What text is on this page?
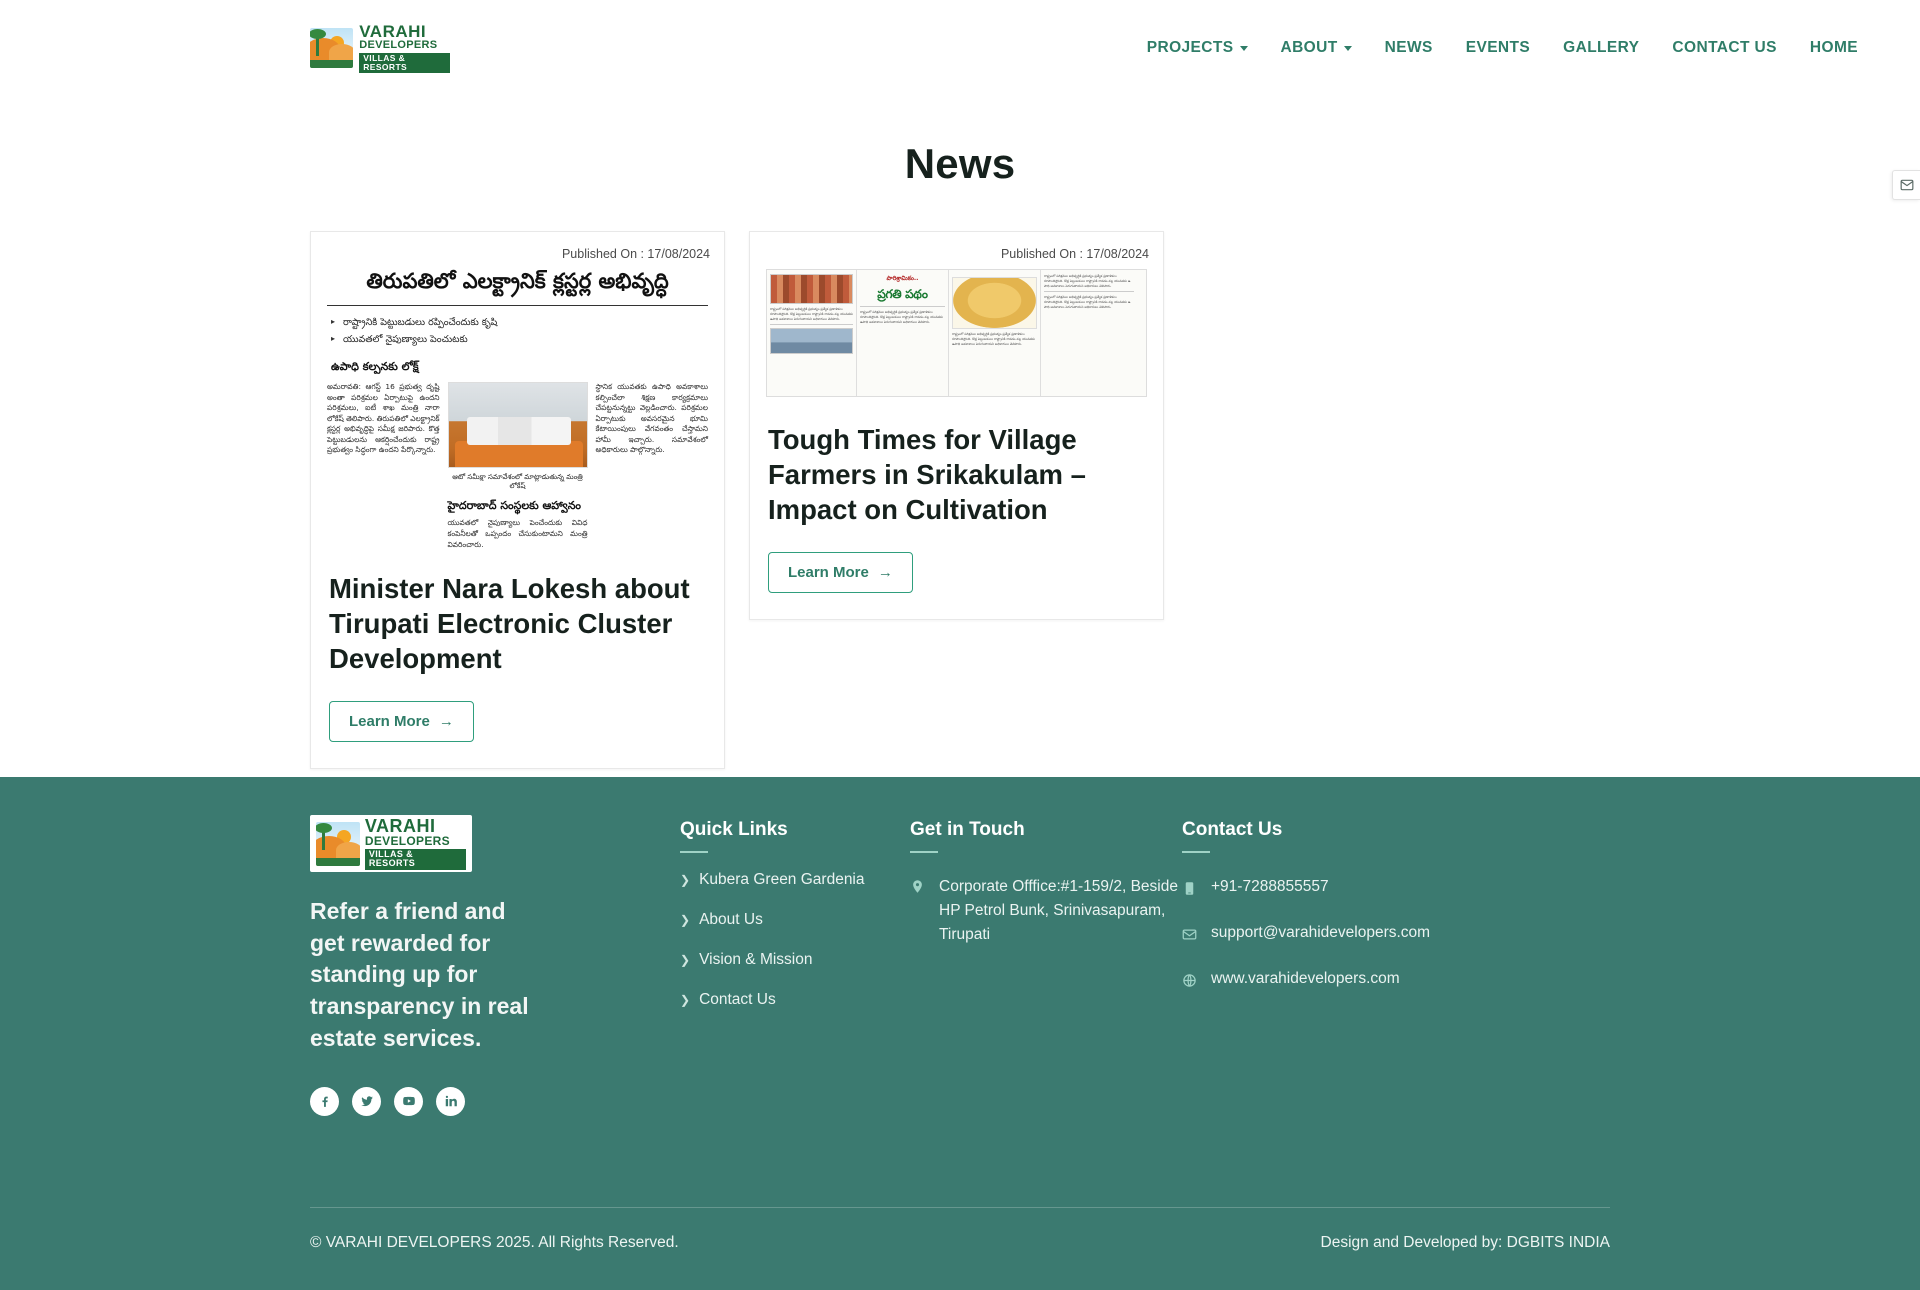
VARAHI
DEVELOPERS
VILLAS & RESORTS
PROJECTS	ABOUT	NEWS EVENTS GALLERY CONTACT US HOME
News
Published On : 17/08/2024
తిరుపతిలో ఎలక్ట్రానిక్ క్లస్టర్ల అభివృద్ధి
▸ రాష్ట్రానికి పెట్టుబడులు రప్పించేందుకు కృషి
▸ యువతలో నైపుణ్యాలు పెంచుటకు
ఉపాధి కల్పనకు లోక్ష్
అమరావతి: ఆగస్ట్ 16 ప్రభుత్వ దృష్టి అంతా పరిశ్రమల ఏర్పాటుపై ఉందని పరిశ్రమలు, ఐటీ శాఖ మంత్రి నారా లోకేష్ తెలిపారు. తిరుపతిలో ఎలక్ట్రానిక్ క్లస్టర్ల అభివృద్ధిపై సమీక్ష జరిపారు. కొత్త పెట్టుబడులను ఆకర్షించేందుకు రాష్ట్ర ప్రభుత్వం సిద్ధంగా ఉందని పేర్కొన్నారు.
ఆటో సమీక్షా సమావేశంలో మాట్లాడుతున్న మంత్రి లోకేష్
హైదరాబాద్ సంస్థలకు ఆహ్వానం
యువతలో నైపుణ్యాలు పెంచేందుకు వివిధ కంపెనీలతో ఒప్పందం చేసుకుంటామని మంత్రి వివరించారు.
స్థానిక యువతకు ఉపాధి అవకాశాలు కల్పించేలా శిక్షణ కార్యక్రమాలు చేపట్టనున్నట్టు వెల్లడించారు. పరిశ్రమల ఏర్పాటుకు అవసరమైన భూమి కేటాయింపులు వేగవంతం చేస్తామని హామీ ఇచ్చారు. సమావేశంలో అధికారులు పాల్గొన్నారు.
Minister Nara Lokesh about Tirupati Electronic Cluster Development
Learn More →
Published On : 17/08/2024
రాష్ట్రంలో పరిశ్రమల అభివృద్ధికి ప్రభుత్వం ప్రత్యేక ప్రణాళికలు రూపొందిస్తోంది. కొత్త పెట్టుబడులు రాష్ట్రానికి రావడం వల్ల యువతకు ఉపాధి అవకాశాలు పెరుగుతాయని అధికారులు తెలిపారు.
పారిశ్రామికం..
ప్రగతి పథం
రాష్ట్రంలో పరిశ్రమల అభివృద్ధికి ప్రభుత్వం ప్రత్యేక ప్రణాళికలు రూపొందిస్తోంది. కొత్త పెట్టుబడులు రాష్ట్రానికి రావడం వల్ల యువతకు ఉపాధి అవకాశాలు పెరుగుతాయని అధికారులు తెలిపారు.
రాష్ట్రంలో పరిశ్రమల అభివృద్ధికి ప్రభుత్వం ప్రత్యేక ప్రణాళికలు రూపొందిస్తోంది. కొత్త పెట్టుబడులు రాష్ట్రానికి రావడం వల్ల యువతకు ఉపాధి అవకాశాలు పెరుగుతాయని అధికారులు తెలిపారు.
రాష్ట్రంలో పరిశ్రమల అభివృద్ధికి ప్రభుత్వం ప్రత్యేక ప్రణాళికలు రూపొందిస్తోంది. కొత్త పెట్టుబడులు రాష్ట్రానికి రావడం వల్ల యువతకు ఉపాధి అవకాశాలు పెరుగుతాయని అధికారులు తెలిపారు.
రాష్ట్రంలో పరిశ్రమల అభివృద్ధికి ప్రభుత్వం ప్రత్యేక ప్రణాళికలు రూపొందిస్తోంది. కొత్త పెట్టుబడులు రాష్ట్రానికి రావడం వల్ల యువతకు ఉపాధి అవకాశాలు పెరుగుతాయని అధికారులు తెలిపారు.
Tough Times for Village Farmers in Srikakulam – Impact on Cultivation
Learn More →
VARAHI
DEVELOPERS
VILLAS & RESORTS
Refer a friend and get rewarded for standing up for transparency in real estate services.
Quick Links
❯ Kubera Green Gardenia
❯ About Us
❯ Vision & Mission
❯ Contact Us
Get in Touch
Corporate Offfice:#1-159/2, Beside HP Petrol Bunk, Srinivasapuram, Tirupati
Contact Us
+91-7288855557
support@varahidevelopers.com
www.varahidevelopers.com
© VARAHI DEVELOPERS 2025. All Rights Reserved.	Design and Developed by: DGBITS INDIA
